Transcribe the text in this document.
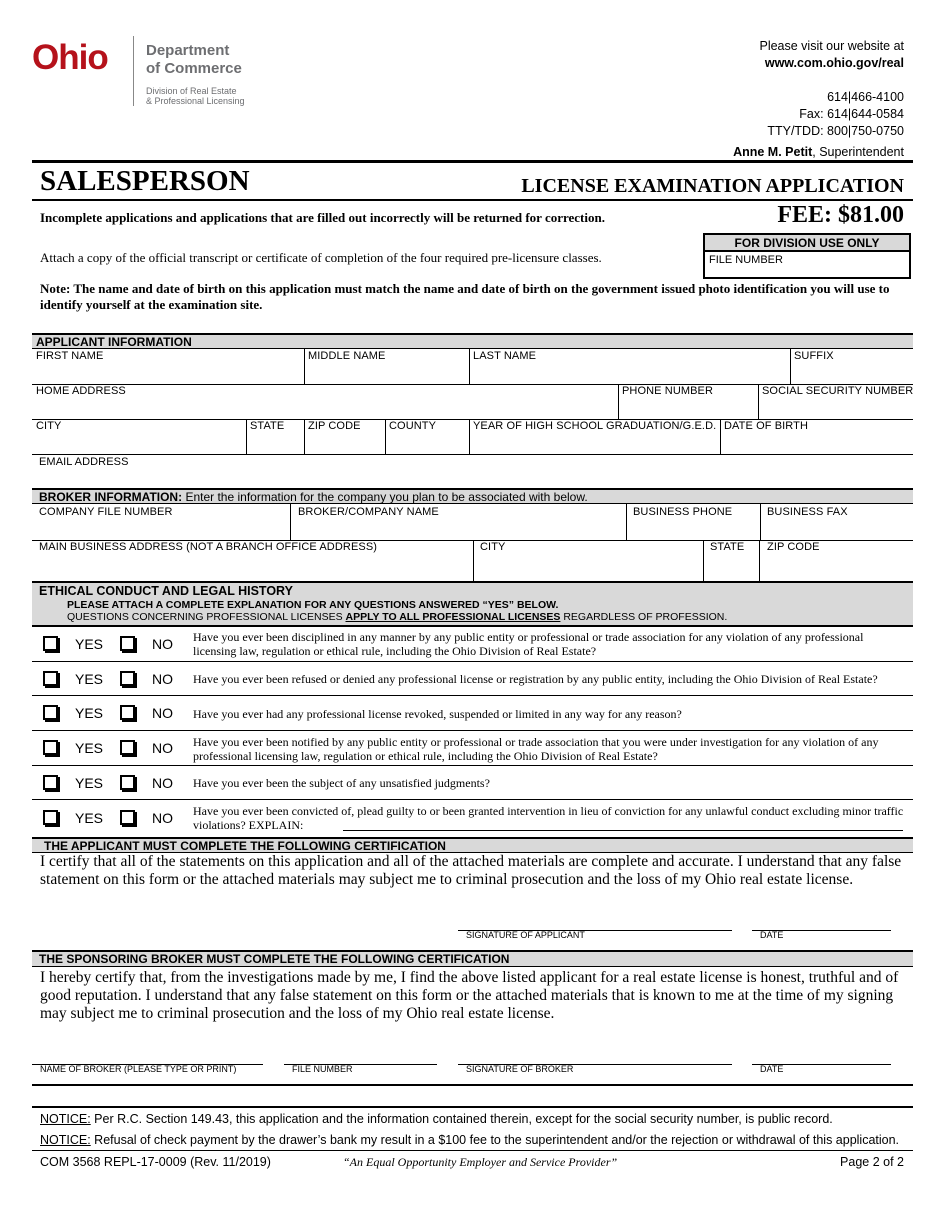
Ohio	Department
of Commerce
Division of Real Estate
& Professional Licensing
Please visit our website at
www.com.ohio.gov/real
614|466-4100
Fax: 614|644-0584
TTY/TDD: 800|750-0750
Anne M. Petit, Superintendent
SALESPERSON	LICENSE EXAMINATION APPLICATION
Incomplete applications and applications that are filled out incorrectly will be returned for correction.	FEE: $81.00
FOR DIVISION USE ONLY
FILE NUMBER
Attach a copy of the official transcript or certificate of completion of the four required pre-licensure classes.
Note: The name and date of birth on this application must match the name and date of birth on the government issued photo identification you will use to identify yourself at the examination site.
APPLICANT INFORMATION
FIRST NAME	MIDDLE NAME	LAST NAME	SUFFIX
HOME ADDRESS	PHONE NUMBER	SOCIAL SECURITY NUMBER
CITY	STATE ZIP CODE	COUNTY	YEAR OF HIGH SCHOOL GRADUATION/G.E.D. DATE OF BIRTH
EMAIL ADDRESS
BROKER INFORMATION: Enter the information for the company you plan to be associated with below.
COMPANY FILE NUMBER	BROKER/COMPANY NAME	BUSINESS PHONE	BUSINESS FAX
MAIN BUSINESS ADDRESS (NOT A BRANCH OFFICE ADDRESS)	CITY	STATE ZIP CODE
ETHICAL CONDUCT AND LEGAL HISTORY
PLEASE ATTACH A COMPLETE EXPLANATION FOR ANY QUESTIONS ANSWERED “YES” BELOW.
QUESTIONS CONCERNING PROFESSIONAL LICENSES APPLY TO ALL PROFESSIONAL LICENSES REGARDLESS OF PROFESSION.
YES	NO Have you ever been disciplined in any manner by any public entity or professional or trade association for any violation of any professional licensing law, regulation or ethical rule, including the Ohio Division of Real Estate?
YES	NO Have you ever been refused or denied any professional license or registration by any public entity, including the Ohio Division of Real Estate?
YES	NO Have you ever had any professional license revoked, suspended or limited in any way for any reason?
YES	NO Have you ever been notified by any public entity or professional or trade association that you were under investigation for any violation of any professional licensing law, regulation or ethical rule, including the Ohio Division of Real Estate?
YES	NO Have you ever been the subject of any unsatisfied judgments?
YES	NO Have you ever been convicted of, plead guilty to or been granted intervention in lieu of conviction for any unlawful conduct excluding minor traffic violations? EXPLAIN:
THE APPLICANT MUST COMPLETE THE FOLLOWING CERTIFICATION
I certify that all of the statements on this application and all of the attached materials are complete and accurate. I understand that any false statement on this form or the attached materials may subject me to criminal prosecution and the loss of my Ohio real estate license.
SIGNATURE OF APPLICANT	DATE
THE SPONSORING BROKER MUST COMPLETE THE FOLLOWING CERTIFICATION
I hereby certify that, from the investigations made by me, I find the above listed applicant for a real estate license is honest, truthful and of good reputation. I understand that any false statement on this form or the attached materials that is known to me at the time of my signing may subject me to criminal prosecution and the loss of my Ohio real estate license.
NAME OF BROKER (PLEASE TYPE OR PRINT)	FILE NUMBER	SIGNATURE OF BROKER	DATE
NOTICE: Per R.C. Section 149.43, this application and the information contained therein, except for the social security number, is public record.
NOTICE: Refusal of check payment by the drawer’s bank my result in a $100 fee to the superintendent and/or the rejection or withdrawal of this application.
COM 3568 REPL-17-0009 (Rev. 11/2019)	“An Equal Opportunity Employer and Service Provider”	Page 2 of 2
